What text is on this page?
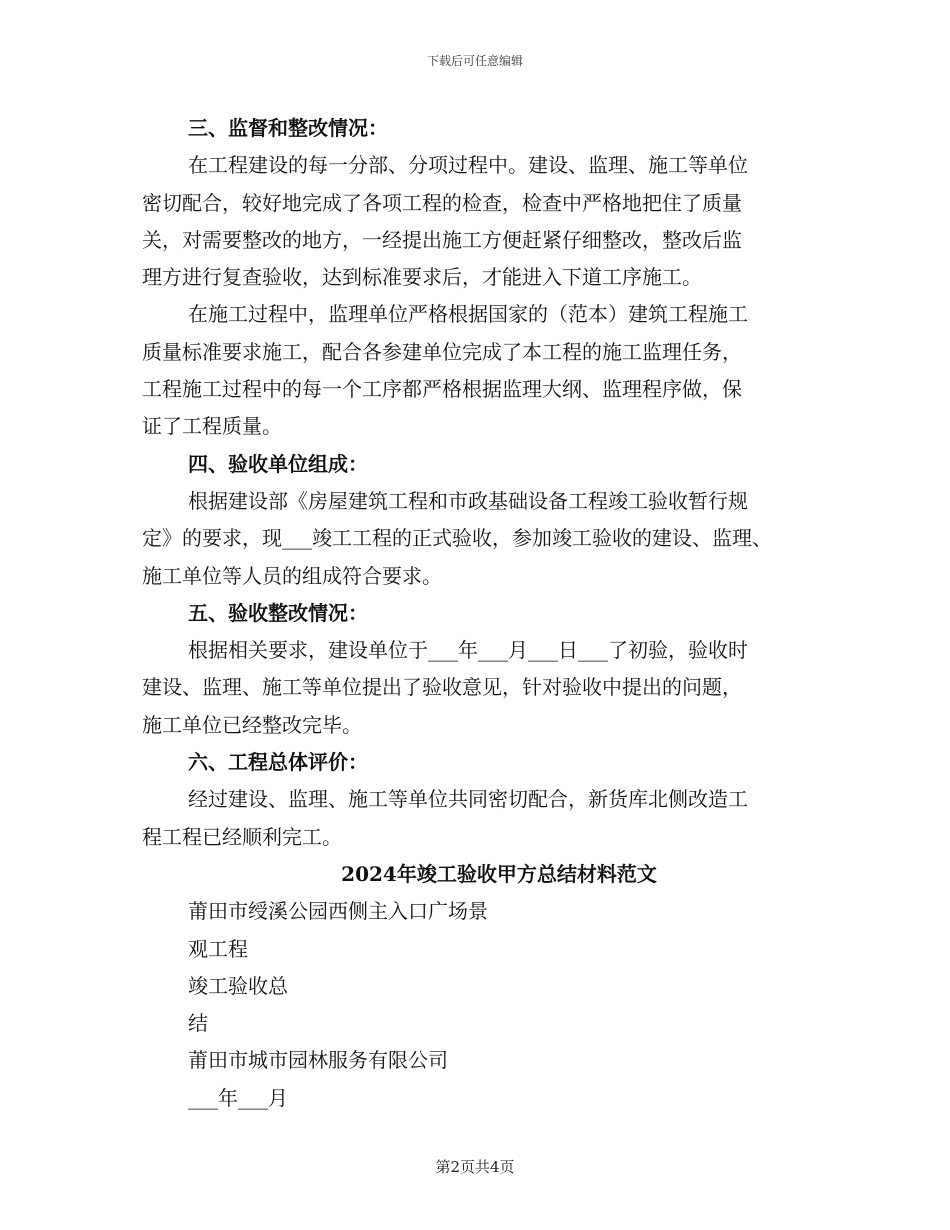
下载后可任意编辑
三、监督和整改情况：
在工程建设的每一分部、分项过程中。建设、监理、施工等单位
密切配合，较好地完成了各项工程的检查，检查中严格地把住了质量
关，对需要整改的地方，一经提出施工方便赶紧仔细整改，整改后监
理方进行复查验收，达到标准要求后，才能进入下道工序施工。
在施工过程中，监理单位严格根据国家的（范本）建筑工程施工
质量标准要求施工，配合各参建单位完成了本工程的施工监理任务，
工程施工过程中的每一个工序都严格根据监理大纲、监理程序做，保
证了工程质量。
四、验收单位组成：
根据建设部《房屋建筑工程和市政基础设备工程竣工验收暂行规
定》的要求，现___竣工工程的正式验收，参加竣工验收的建设、监理、
施工单位等人员的组成符合要求。
五、验收整改情况：
根据相关要求，建设单位于___年___月___日___了初验，验收时
建设、监理、施工等单位提出了验收意见，针对验收中提出的问题，
施工单位已经整改完毕。
六、工程总体评价：
经过建设、监理、施工等单位共同密切配合，新货库北侧改造工
程工程已经顺利完工。
2024年竣工验收甲方总结材料范文
莆田市绶溪公园西侧主入口广场景
观工程
竣工验收总
结
莆田市城市园林服务有限公司
___年___月
第2页共4页
